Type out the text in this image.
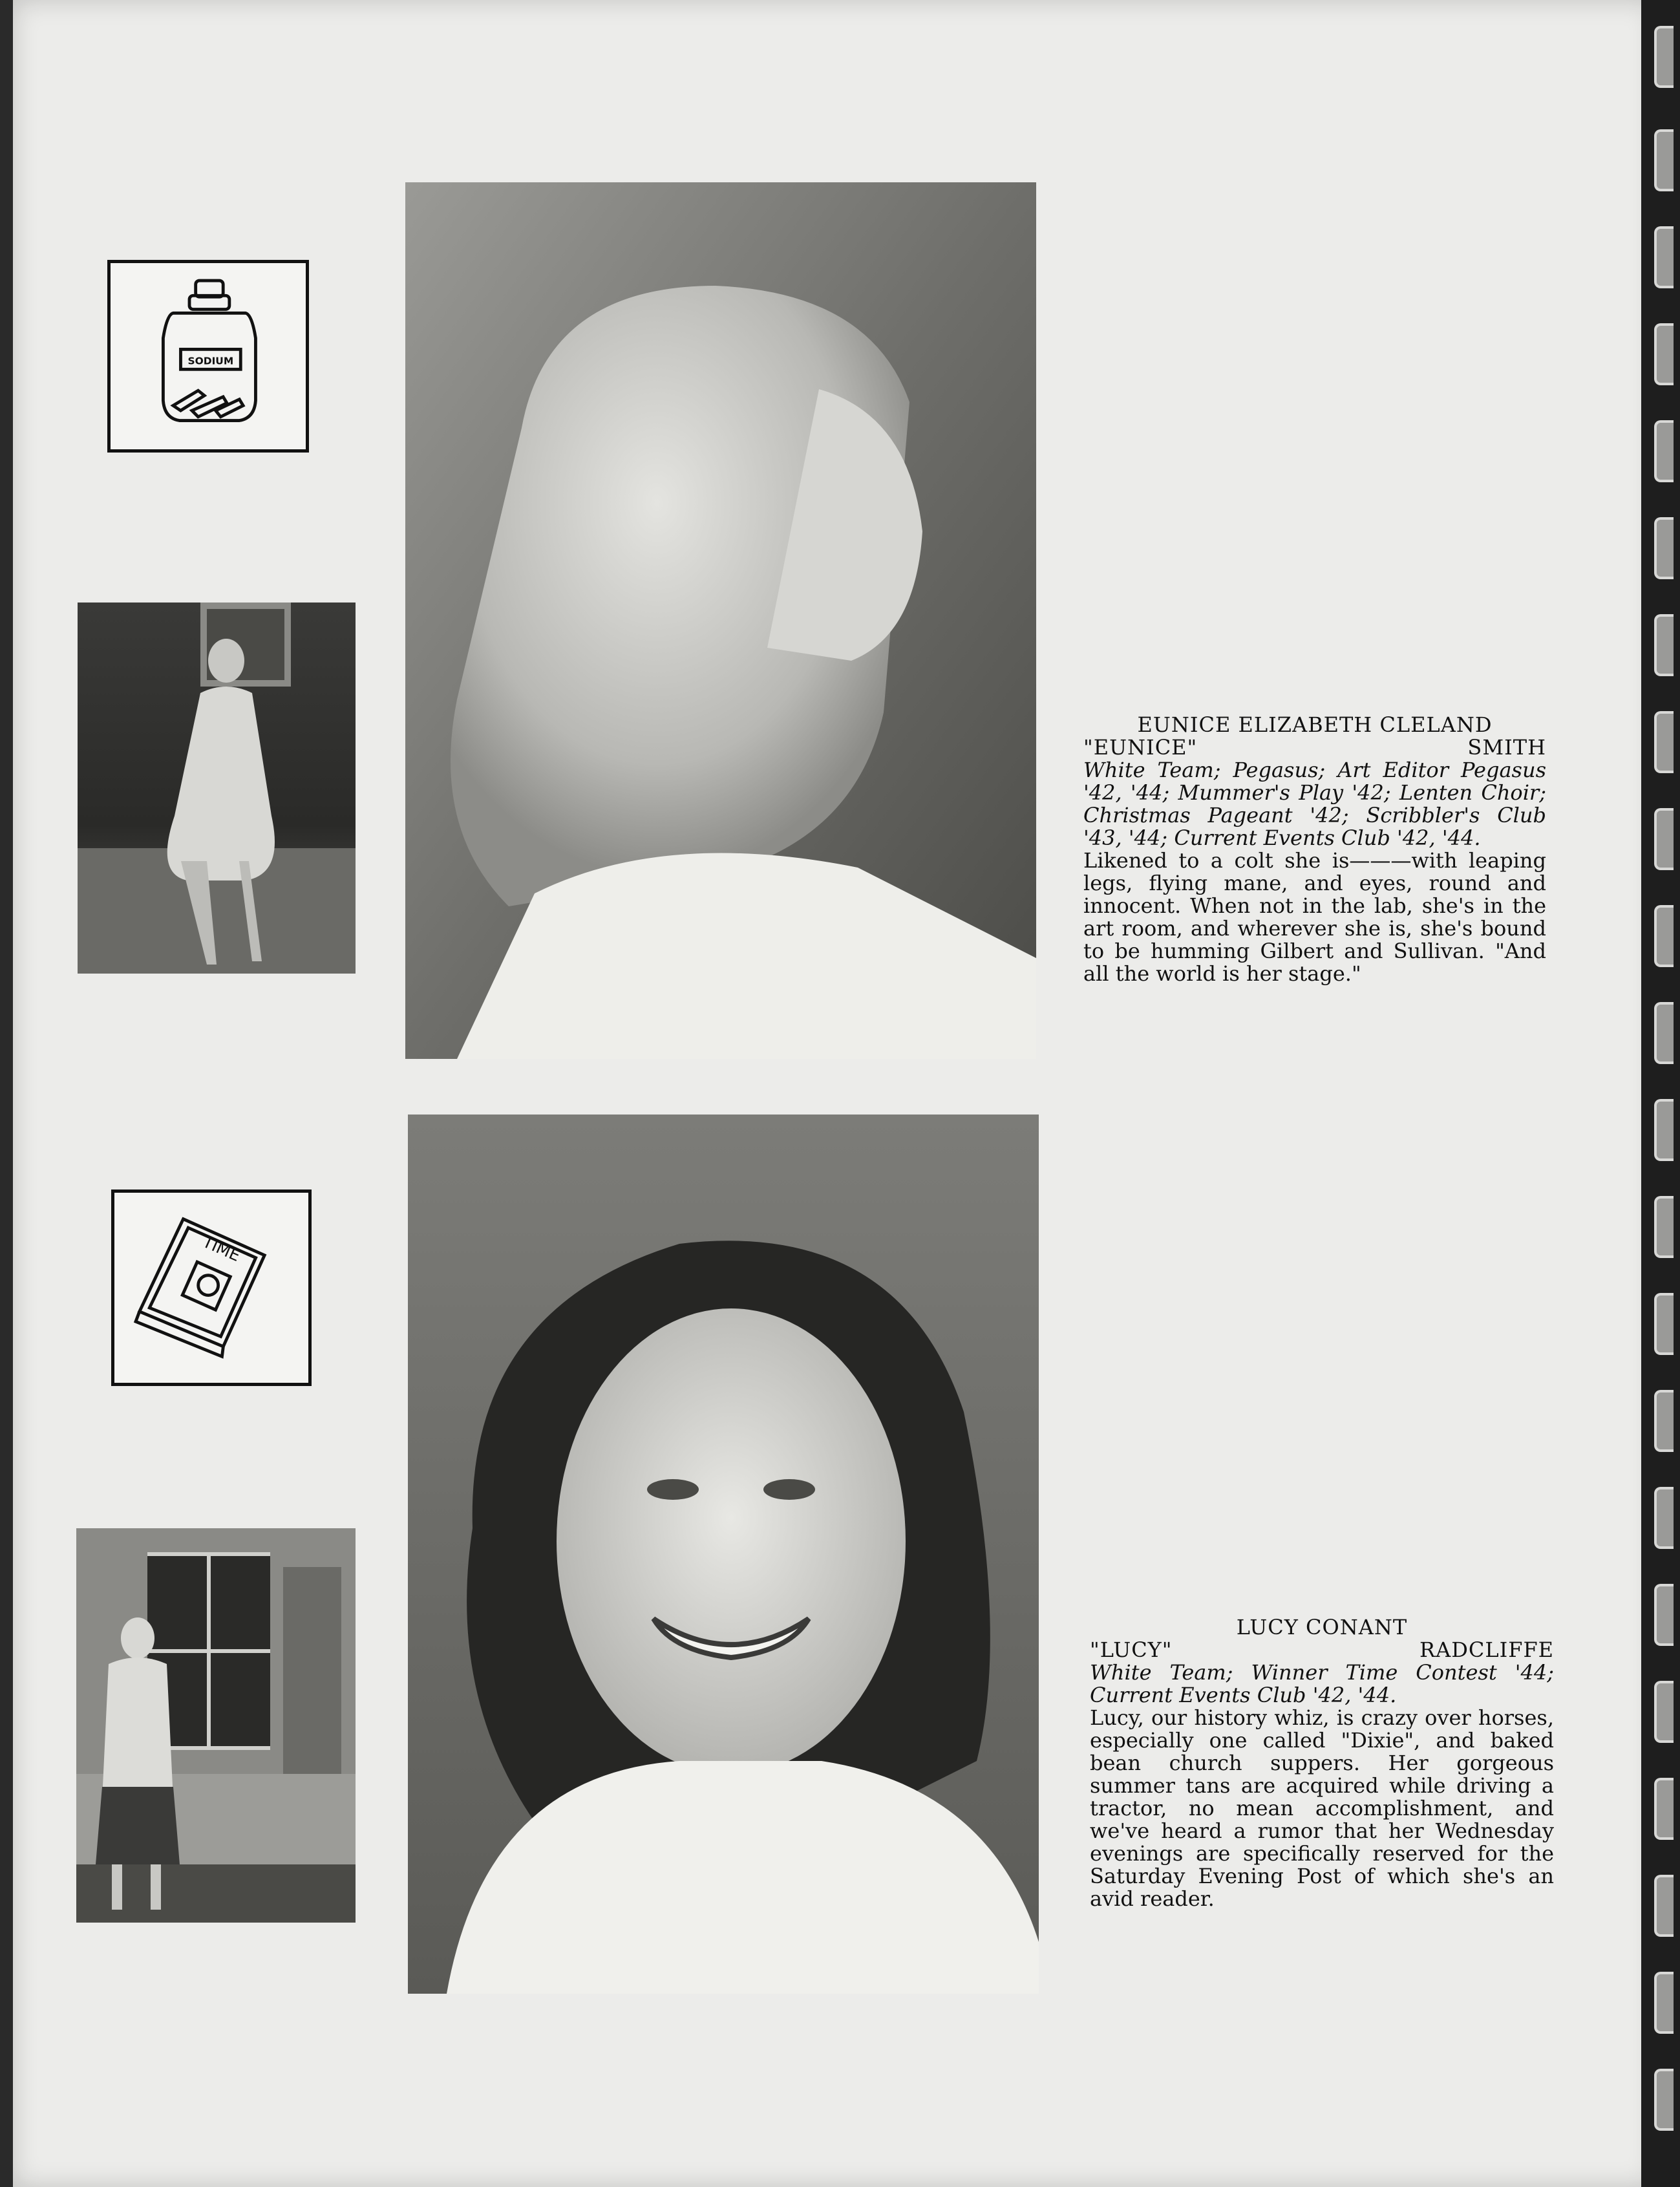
SODIUM
EUNICE ELIZABETH CLELAND
"EUNICE"	SMITH
White Team; Pegasus; Art Editor Pegasus '42, '44; Mummer's Play '42; Lenten Choir; Christmas Pageant '42; Scribbler's Club '43, '44; Current Events Club '42, '44.
Likened to a colt she is———with leaping legs, flying mane, and eyes, round and innocent. When not in the lab, she's in the art room, and wherever she is, she's bound to be humming Gilbert and Sullivan. "And all the world is her stage."
TIME
LUCY CONANT
"LUCY"	RADCLIFFE
White Team; Winner Time Contest '44; Current Events Club '42, '44.
Lucy, our history whiz, is crazy over horses, especially one called "Dixie", and baked bean church suppers. Her gorgeous summer tans are acquired while driving a tractor, no mean accomplishment, and we've heard a rumor that her Wednesday evenings are specifically reserved for the Saturday Evening Post of which she's an avid reader.
